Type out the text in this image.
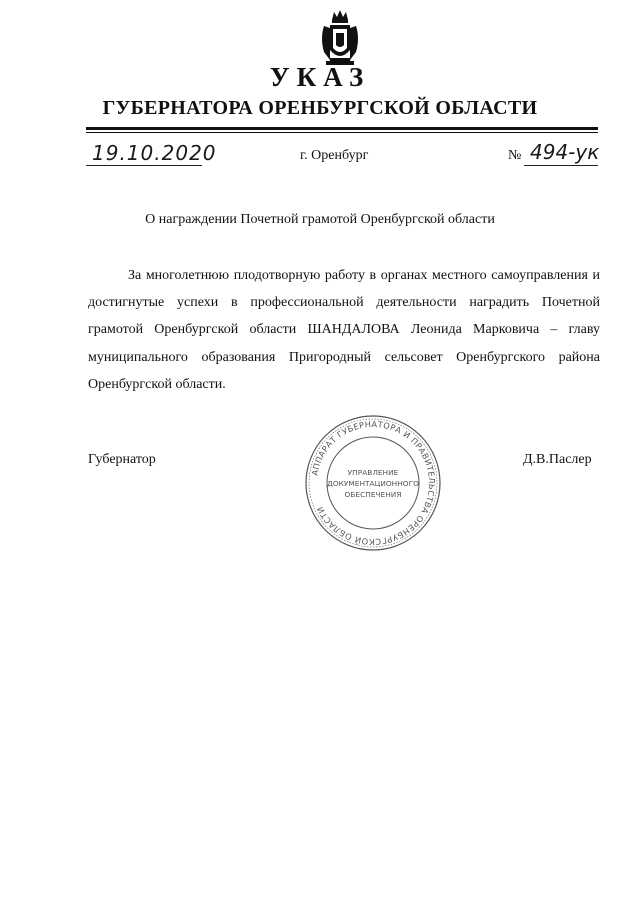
УКАЗ
ГУБЕРНАТОРА ОРЕНБУРГСКОЙ ОБЛАСТИ
19.10.2020	г. Оренбург	№ 494-ук
О награждении Почетной грамотой Оренбургской области
За многолетнюю плодотворную работу в органах местного самоуправления и достигнутые успехи в профессиональной деятельности наградить Почетной грамотой Оренбургской области ШАНДАЛОВА Леонида Марковича – главу муниципального образования Пригородный сельсовет Оренбургского района Оренбургской области.
Губернатор	Д.В.Паслер
АППАРАТ ГУБЕРНАТОРА И ПРАВИТЕЛЬСТВА ОРЕНБУРГСКОЙ ОБЛАСТИ
УПРАВЛЕНИЕ
ДОКУМЕНТАЦИОННОГО
ОБЕСПЕЧЕНИЯ
